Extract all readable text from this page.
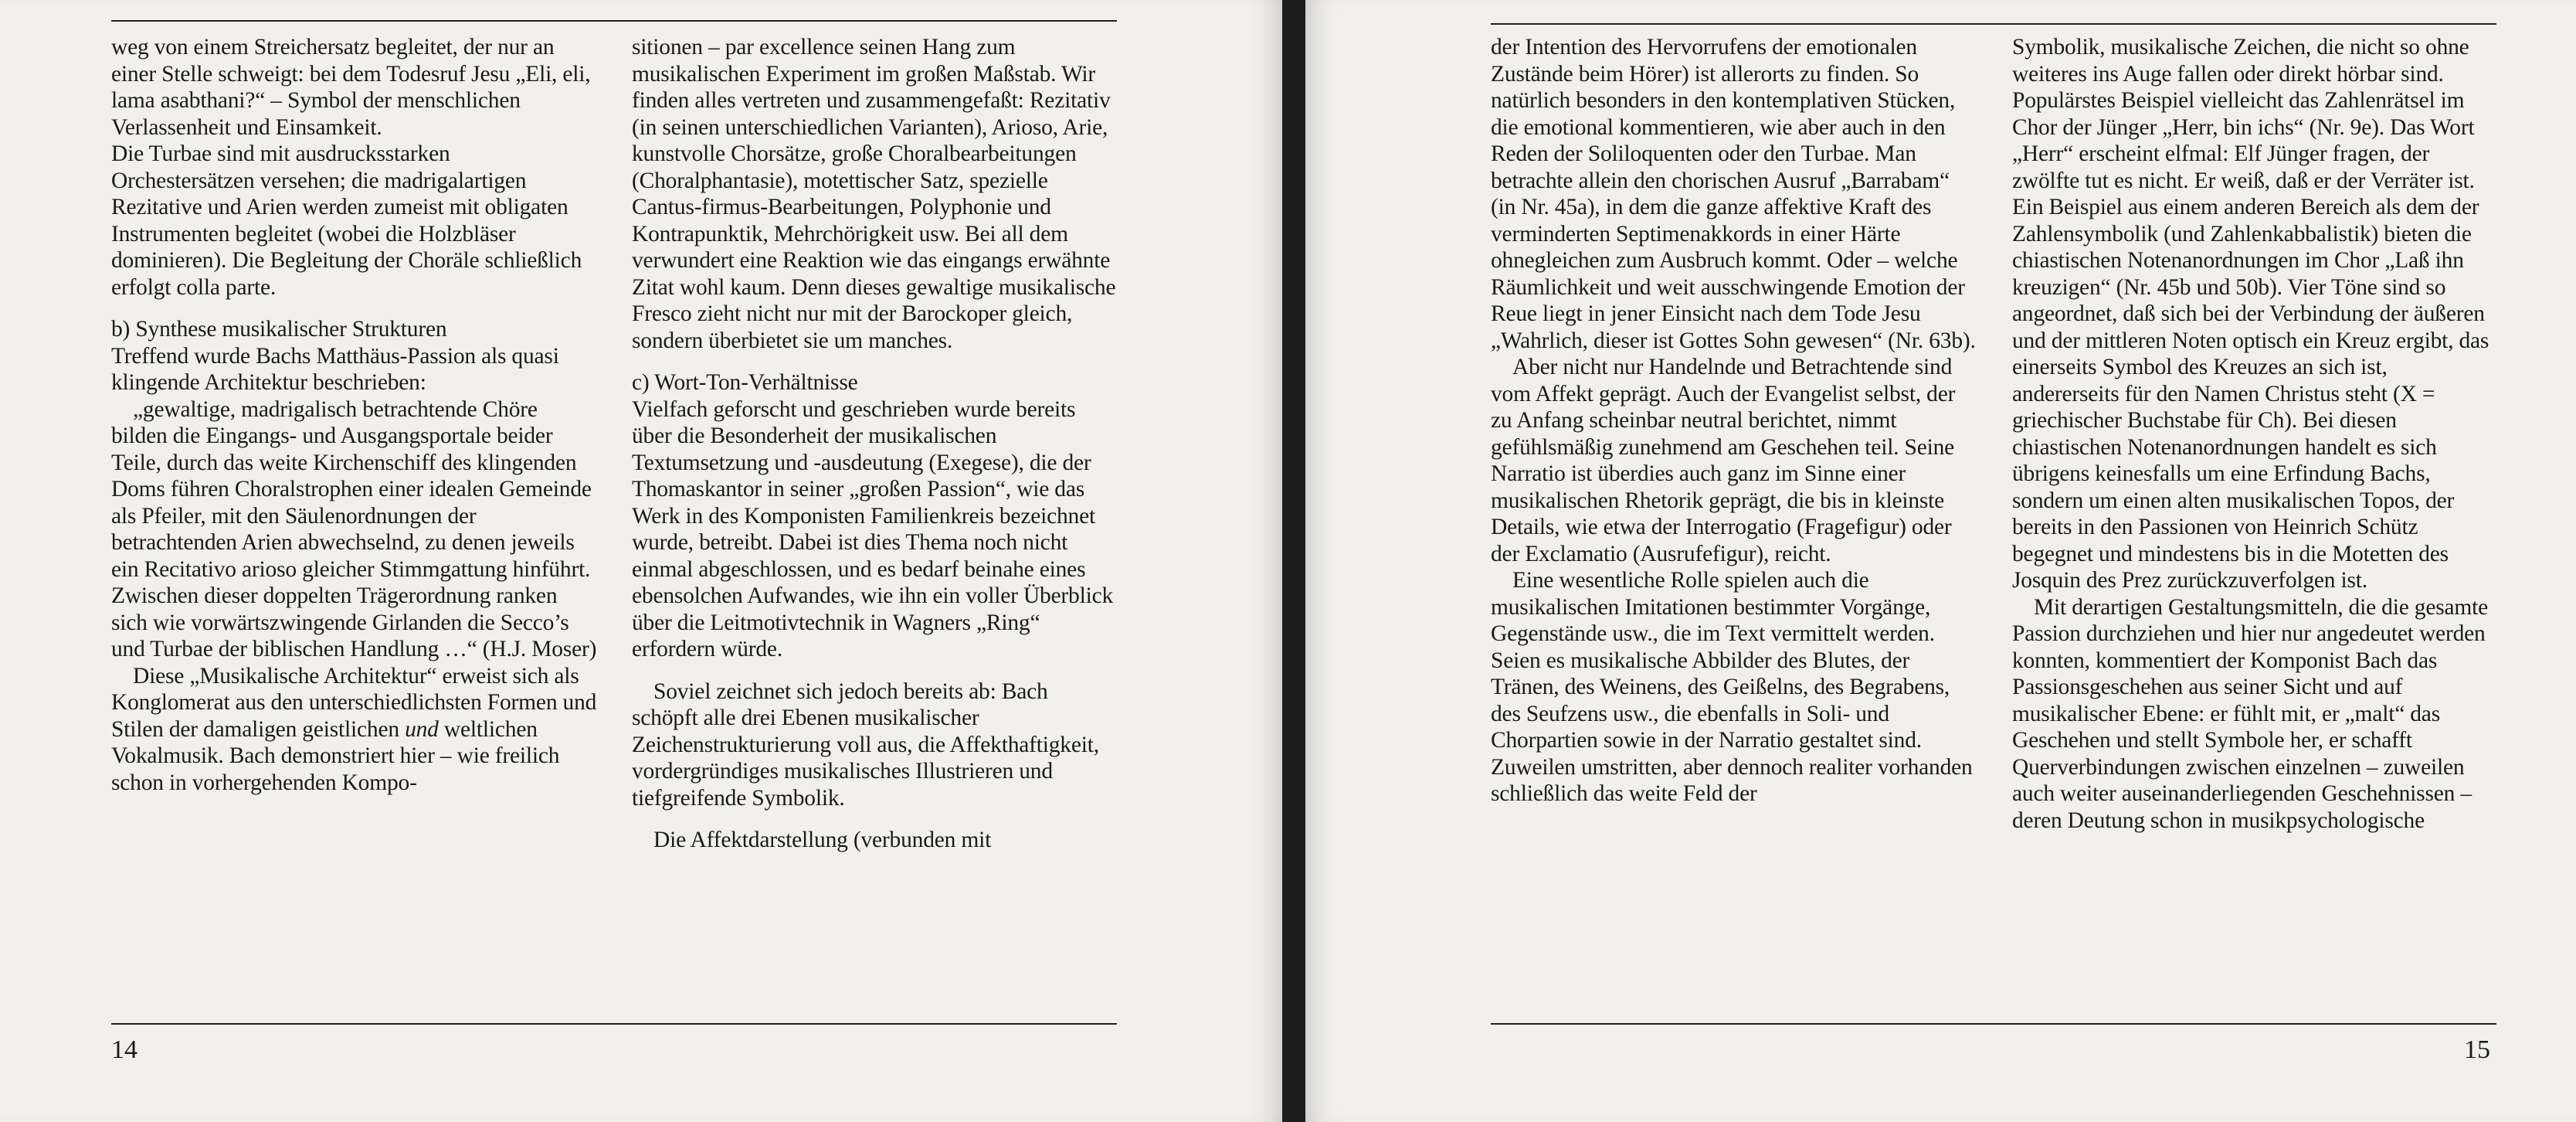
weg von einem Streichersatz begleitet, der nur an einer Stelle schweigt: bei dem Todesruf Jesu „Eli, eli, lama asabthani?“ – Symbol der menschlichen Verlassenheit und Einsamkeit.

Die Turbae sind mit ausdrucksstarken Orchestersätzen versehen; die madrigalartigen Rezitative und Arien werden zumeist mit obligaten Instrumenten begleitet (wobei die Holzbläser dominieren). Die Begleitung der Choräle schließlich erfolgt colla parte.

b) Synthese musikalischer Strukturen

Treffend wurde Bachs Matthäus-Passion als quasi klingende Architektur beschrieben:

„gewaltige, madrigalisch betrachtende Chöre bilden die Eingangs- und Ausgangsportale beider Teile, durch das weite Kirchenschiff des klingenden Doms führen Choralstrophen einer idealen Gemeinde als Pfeiler, mit den Säulenordnungen der betrachtenden Arien abwechselnd, zu denen jeweils ein Recitativo arioso gleicher Stimmgattung hinführt. Zwischen dieser doppelten Trägerordnung ranken sich wie vorwärtszwingende Girlanden die Secco’s und Turbae der biblischen Handlung …“ (H.J. Moser)

Diese „Musikalische Architektur“ erweist sich als Konglomerat aus den unterschiedlichsten Formen und Stilen der damaligen geistlichen und weltlichen Vokalmusik. Bach demonstriert hier – wie freilich schon in vorhergehenden Kompo-

sitionen – par excellence seinen Hang zum musikalischen Experiment im großen Maßstab. Wir finden alles vertreten und zusammengefaßt: Rezitativ (in seinen unterschiedlichen Varianten), Arioso, Arie, kunstvolle Chorsätze, große Choralbearbeitungen (Choralphantasie), motettischer Satz, spezielle Cantus-firmus-Bearbeitungen, Polyphonie und Kontrapunktik, Mehrchörigkeit usw. Bei all dem verwundert eine Reaktion wie das eingangs erwähnte Zitat wohl kaum. Denn dieses gewaltige musikalische Fresco zieht nicht nur mit der Barockoper gleich, sondern überbietet sie um manches.

c) Wort-Ton-Verhältnisse

Vielfach geforscht und geschrieben wurde bereits über die Besonderheit der musikalischen Textumsetzung und -ausdeutung (Exegese), die der Thomaskantor in seiner „großen Passion“, wie das Werk in des Komponisten Familienkreis bezeichnet wurde, betreibt. Dabei ist dies Thema noch nicht einmal abgeschlossen, und es bedarf beinahe eines ebensolchen Aufwandes, wie ihn ein voller Überblick über die Leitmotivtechnik in Wagners „Ring“ erfordern würde.

Soviel zeichnet sich jedoch bereits ab: Bach schöpft alle drei Ebenen musikalischer Zeichenstrukturierung voll aus, die Affekthaftigkeit, vordergründiges musikalisches Illustrieren und tiefgreifende Symbolik.

Die Affektdarstellung (verbunden mit

14

der Intention des Hervorrufens der emotionalen Zustände beim Hörer) ist allerorts zu finden. So natürlich besonders in den kontemplativen Stücken, die emotional kommentieren, wie aber auch in den Reden der Soliloquenten oder den Turbae. Man betrachte allein den chorischen Ausruf „Barrabam“ (in Nr. 45a), in dem die ganze affektive Kraft des verminderten Septimenakkords in einer Härte ohnegleichen zum Ausbruch kommt. Oder – welche Räumlichkeit und weit ausschwingende Emotion der Reue liegt in jener Einsicht nach dem Tode Jesu „Wahrlich, dieser ist Gottes Sohn gewesen“ (Nr. 63b).

Aber nicht nur Handelnde und Betrachtende sind vom Affekt geprägt. Auch der Evangelist selbst, der zu Anfang scheinbar neutral berichtet, nimmt gefühlsmäßig zunehmend am Geschehen teil. Seine Narratio ist überdies auch ganz im Sinne einer musikalischen Rhetorik geprägt, die bis in kleinste Details, wie etwa der Interrogatio (Fragefigur) oder der Exclamatio (Ausrufefigur), reicht.

Eine wesentliche Rolle spielen auch die musikalischen Imitationen bestimmter Vorgänge, Gegenstände usw., die im Text vermittelt werden. Seien es musikalische Abbilder des Blutes, der Tränen, des Weinens, des Geißelns, des Begrabens, des Seufzens usw., die ebenfalls in Soli- und Chorpartien sowie in der Narratio gestaltet sind.

Zuweilen umstritten, aber dennoch realiter vorhanden schließlich das weite Feld der

Symbolik, musikalische Zeichen, die nicht so ohne weiteres ins Auge fallen oder direkt hörbar sind. Populärstes Beispiel vielleicht das Zahlenrätsel im Chor der Jünger „Herr, bin ichs“ (Nr. 9e). Das Wort „Herr“ erscheint elfmal: Elf Jünger fragen, der zwölfte tut es nicht. Er weiß, daß er der Verräter ist. Ein Beispiel aus einem anderen Bereich als dem der Zahlensymbolik (und Zahlenkabbalistik) bieten die chiastischen Notenanordnungen im Chor „Laß ihn kreuzigen“ (Nr. 45b und 50b). Vier Töne sind so angeordnet, daß sich bei der Verbindung der äußeren und der mittleren Noten optisch ein Kreuz ergibt, das einerseits Symbol des Kreuzes an sich ist, andererseits für den Namen Christus steht (X = griechischer Buchstabe für Ch). Bei diesen chiastischen Notenanordnungen handelt es sich übrigens keinesfalls um eine Erfindung Bachs, sondern um einen alten musikalischen Topos, der bereits in den Passionen von Heinrich Schütz begegnet und mindestens bis in die Motetten des Josquin des Prez zurückzuverfolgen ist.

Mit derartigen Gestaltungsmitteln, die die gesamte Passion durchziehen und hier nur angedeutet werden konnten, kommentiert der Komponist Bach das Passionsgeschehen aus seiner Sicht und auf musikalischer Ebene: er fühlt mit, er „malt“ das Geschehen und stellt Symbole her, er schafft Querverbindungen zwischen einzelnen – zuweilen auch weiter auseinanderliegenden Geschehnissen – deren Deutung schon in musikpsychologische

15
